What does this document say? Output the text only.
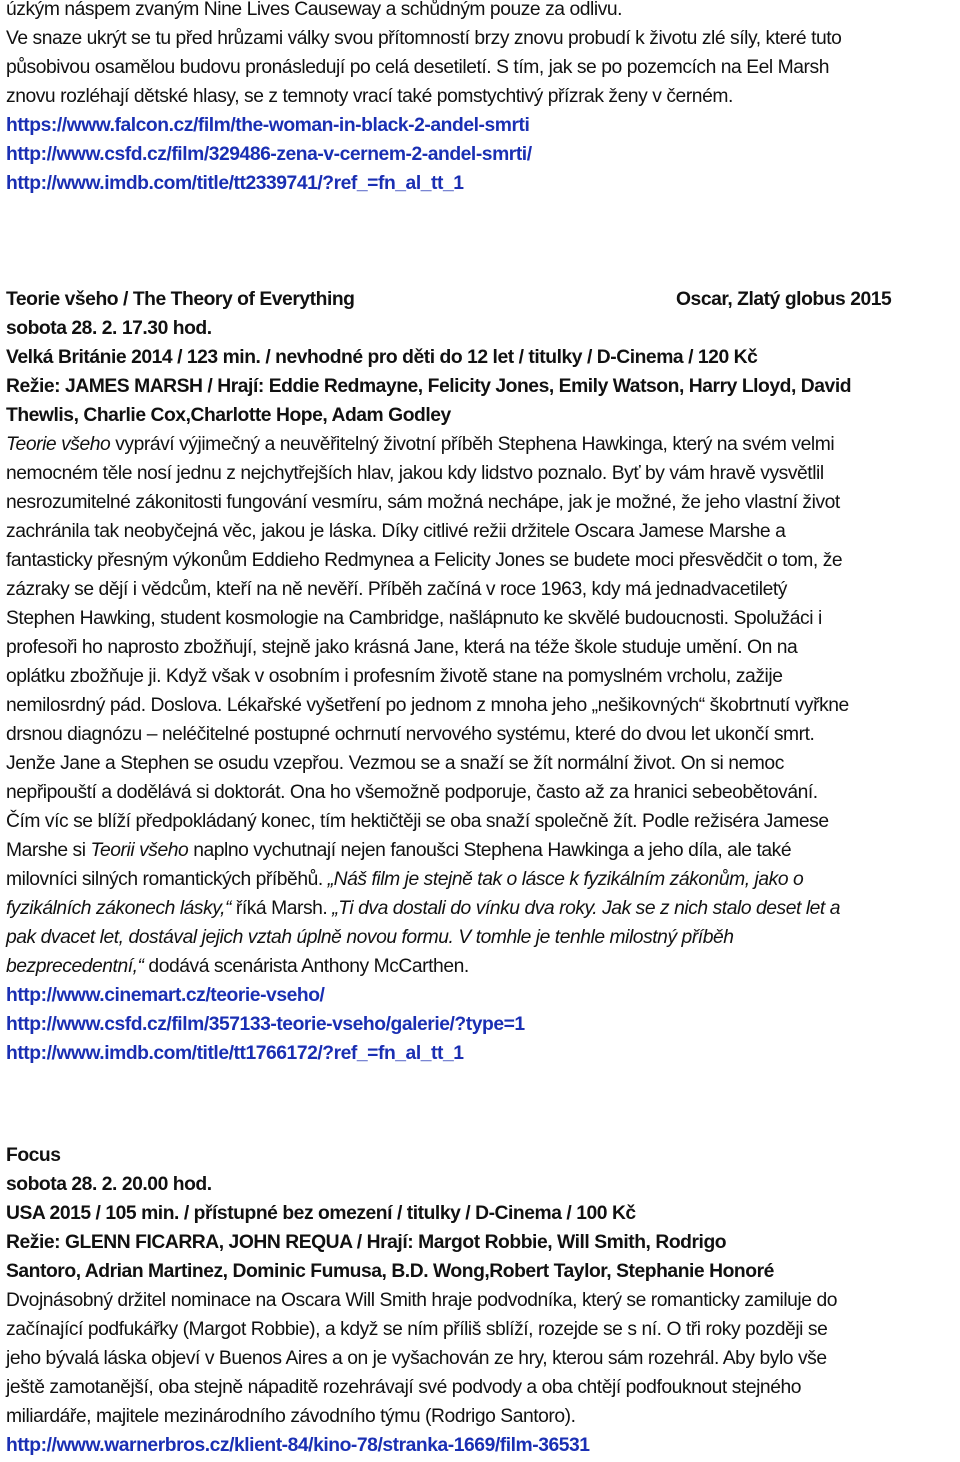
úzkým náspem zvaným Nine Lives Causeway a schůdným pouze za odlivu.
Ve snaze ukrýt se tu před hrůzami války svou přítomností brzy znovu probudí k životu zlé síly, které tuto
působivou osamělou budovu pronásledují po celá desetiletí. S tím, jak se po pozemcích na Eel Marsh
znovu rozléhají dětské hlasy, se z temnoty vrací také pomstychtivý přízrak ženy v černém.
https://www.falcon.cz/film/the-woman-in-black-2-andel-smrti
http://www.csfd.cz/film/329486-zena-v-cernem-2-andel-smrti/
http://www.imdb.com/title/tt2339741/?ref_=fn_al_tt_1
Teorie všeho / The Theory of Everything	Oscar, Zlatý globus 2015
sobota 28. 2. 17.30 hod.
Velká Británie 2014 / 123 min. / nevhodné pro děti do 12 let / titulky / D-Cinema / 120 Kč
Režie: JAMES MARSH / Hrají: Eddie Redmayne, Felicity Jones, Emily Watson, Harry Lloyd, David
Thewlis, Charlie Cox,Charlotte Hope, Adam Godley
Teorie všeho vypráví výjimečný a neuvěřitelný životní příběh Stephena Hawkinga, který na svém velmi
nemocném těle nosí jednu z nejchytřejších hlav, jakou kdy lidstvo poznalo. Byť by vám hravě vysvětlil
nesrozumitelné zákonitosti fungování vesmíru, sám možná nechápe, jak je možné, že jeho vlastní život
zachránila tak neobyčejná věc, jakou je láska. Díky citlivé režii držitele Oscara Jamese Marshe a
fantasticky přesným výkonům Eddieho Redmynea a Felicity Jones se budete moci přesvědčit o tom, že
zázraky se dějí i vědcům, kteří na ně nevěří. Příběh začíná v roce 1963, kdy má jednadvacetiletý
Stephen Hawking, student kosmologie na Cambridge, našlápnuto ke skvělé budoucnosti. Spolužáci i
profesoři ho naprosto zbožňují, stejně jako krásná Jane, která na téže škole studuje umění. On na
oplátku zbožňuje ji. Když však v osobním i profesním životě stane na pomyslném vrcholu, zažije
nemilosrdný pád. Doslova. Lékařské vyšetření po jednom z mnoha jeho „nešikovných“ škobrtnutí vyřkne
drsnou diagnózu – neléčitelné postupné ochrnutí nervového systému, které do dvou let ukončí smrt.
Jenže Jane a Stephen se osudu vzepřou. Vezmou se a snaží se žít normální život. On si nemoc
nepřipouští a dodělává si doktorát. Ona ho všemožně podporuje, často až za hranici sebeobětování.
Čím víc se blíží předpokládaný konec, tím hektičtěji se oba snaží společně žít. Podle režiséra Jamese
Marshe si Teorii všeho naplno vychutnají nejen fanoušci Stephena Hawkinga a jeho díla, ale také
milovníci silných romantických příběhů. „Náš film je stejně tak o lásce k fyzikálním zákonům, jako o
fyzikálních zákonech lásky,“ říká Marsh. „Ti dva dostali do vínku dva roky. Jak se z nich stalo deset let a
pak dvacet let, dostával jejich vztah úplně novou formu. V tomhle je tenhle milostný příběh
bezprecedentní,“ dodává scenárista Anthony McCarthen.
http://www.cinemart.cz/teorie-vseho/
http://www.csfd.cz/film/357133-teorie-vseho/galerie/?type=1
http://www.imdb.com/title/tt1766172/?ref_=fn_al_tt_1
Focus
sobota 28. 2. 20.00 hod.
USA 2015 / 105 min. / přístupné bez omezení / titulky / D-Cinema / 100 Kč
Režie: GLENN FICARRA, JOHN REQUA / Hrají: Margot Robbie, Will Smith, Rodrigo
Santoro, Adrian Martinez, Dominic Fumusa, B.D. Wong,Robert Taylor, Stephanie Honoré
Dvojnásobný držitel nominace na Oscara Will Smith hraje podvodníka, který se romanticky zamiluje do
začínající podfukářky (Margot Robbie), a když se ním příliš sblíží, rozejde se s ní. O tři roky později se
jeho bývalá láska objeví v Buenos Aires a on je vyšachován ze hry, kterou sám rozehrál. Aby bylo vše
ještě zamotanější, oba stejně nápaditě rozehrávají své podvody a oba chtějí podfouknout stejného
miliardáře, majitele mezinárodního závodního týmu (Rodrigo Santoro).
http://www.warnerbros.cz/klient-84/kino-78/stranka-1669/film-36531
